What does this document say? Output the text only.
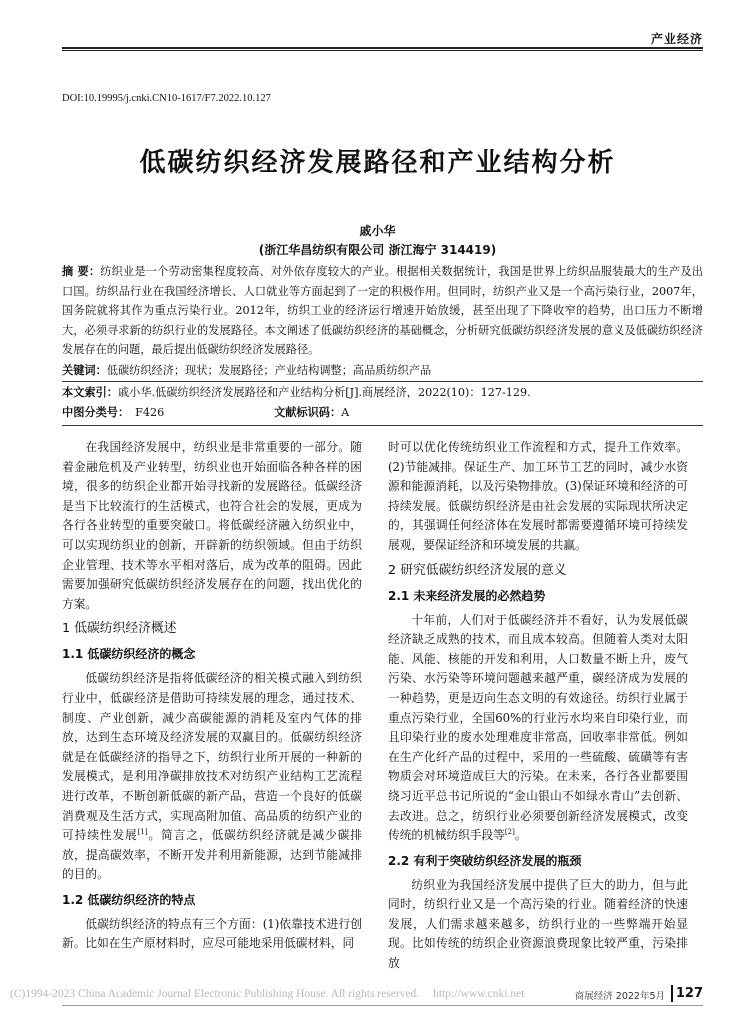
产业经济
DOI:10.19995/j.cnki.CN10-1617/F7.2022.10.127
低碳纺织经济发展路径和产业结构分析
戚小华
(浙江华昌纺织有限公司 浙江海宁 314419)
摘 要：纺织业是一个劳动密集程度较高、对外依存度较大的产业。根据相关数据统计，我国是世界上纺织品服装最大的生产及出口国。纺织品行业在我国经济增长、人口就业等方面起到了一定的积极作用。但同时，纺织产业又是一个高污染行业，2007年，国务院就将其作为重点污染行业。2012年，纺织工业的经济运行增速开始放缓，甚至出现了下降收窄的趋势，出口压力不断增大，必须寻求新的纺织行业的发展路径。本文阐述了低碳纺织经济的基础概念，分析研究低碳纺织经济发展的意义及低碳纺织经济发展存在的问题，最后提出低碳纺织经济发展路径。
关键词：低碳纺织经济；现状；发展路径；产业结构调整；高品质纺织产品
本文索引：戚小华.低碳纺织经济发展路径和产业结构分析[J].商展经济，2022(10)：127-129.
中图分类号： F426	文献标识码：A

在我国经济发展中，纺织业是非常重要的一部分。随着金融危机及产业转型，纺织业也开始面临各种各样的困境，很多的纺织企业都开始寻找新的发展路径。低碳经济是当下比较流行的生活模式，也符合社会的发展，更成为各行各业转型的重要突破口。将低碳经济融入纺织业中，可以实现纺织业的创新，开辟新的纺织领域。但由于纺织企业管理、技术等水平相对落后，成为改革的阻碍。因此需要加强研究低碳纺织经济发展存在的问题，找出优化的方案。

1 低碳纺织经济概述
1.1 低碳纺织经济的概念

低碳纺织经济是指将低碳经济的相关模式融入到纺织行业中，低碳经济是借助可持续发展的理念，通过技术、制度、产业创新，减少高碳能源的消耗及室内气体的排放，达到生态环境及经济发展的双赢目的。低碳纺织经济就是在低碳经济的指导之下，纺织行业所开展的一种新的发展模式，是利用净碳排放技术对纺织产业结构工艺流程进行改革，不断创新低碳的新产品，营造一个良好的低碳消费观及生活方式，实现高附加值、高品质的纺织产业的可持续性发展[1]。简言之，低碳纺织经济就是减少碳排放，提高碳效率，不断开发并利用新能源，达到节能减排的目的。

1.2 低碳纺织经济的特点

低碳纺织经济的特点有三个方面：(1)依靠技术进行创新。比如在生产原材料时，应尽可能地采用低碳材料，同

时可以优化传统纺织业工作流程和方式，提升工作效率。(2)节能减排。保证生产、加工环节工艺的同时，减少水资源和能源消耗，以及污染物排放。(3)保证环境和经济的可持续发展。低碳纺织经济是由社会发展的实际现状所决定的，其强调任何经济体在发展时都需要遵循环境可持续发展观，要保证经济和环境发展的共赢。

2 研究低碳纺织经济发展的意义
2.1 未来经济发展的必然趋势

十年前，人们对于低碳经济并不看好，认为发展低碳经济缺乏成熟的技术，而且成本较高。但随着人类对太阳能、风能、核能的开发和利用，人口数量不断上升，废气污染、水污染等环境问题越来越严重，碳经济成为发展的一种趋势，更是迈向生态文明的有效途径。纺织行业属于重点污染行业，全国60%的行业污水均来自印染行业，而且印染行业的废水处理难度非常高，回收率非常低。例如在生产化纤产品的过程中，采用的一些硫酸、硫磺等有害物质会对环境造成巨大的污染。在未来，各行各业都要围绕习近平总书记所说的“金山银山不如绿水青山”去创新、去改进。总之，纺织行业必须要创新经济发展模式，改变传统的机械纺织手段等[2]。

2.2 有利于突破纺织经济发展的瓶颈

纺织业为我国经济发展中提供了巨大的助力，但与此同时，纺织行业又是一个高污染的行业。随着经济的快速发展，人们需求越来越多，纺织行业的一些弊端开始显现。比如传统的纺织企业资源浪费现象比较严重，污染排放

(C)1994-2023 China Academic Journal Electronic Publishing House. All rights reserved. http://www.cnki.net	商展经济 2022年5月 127
